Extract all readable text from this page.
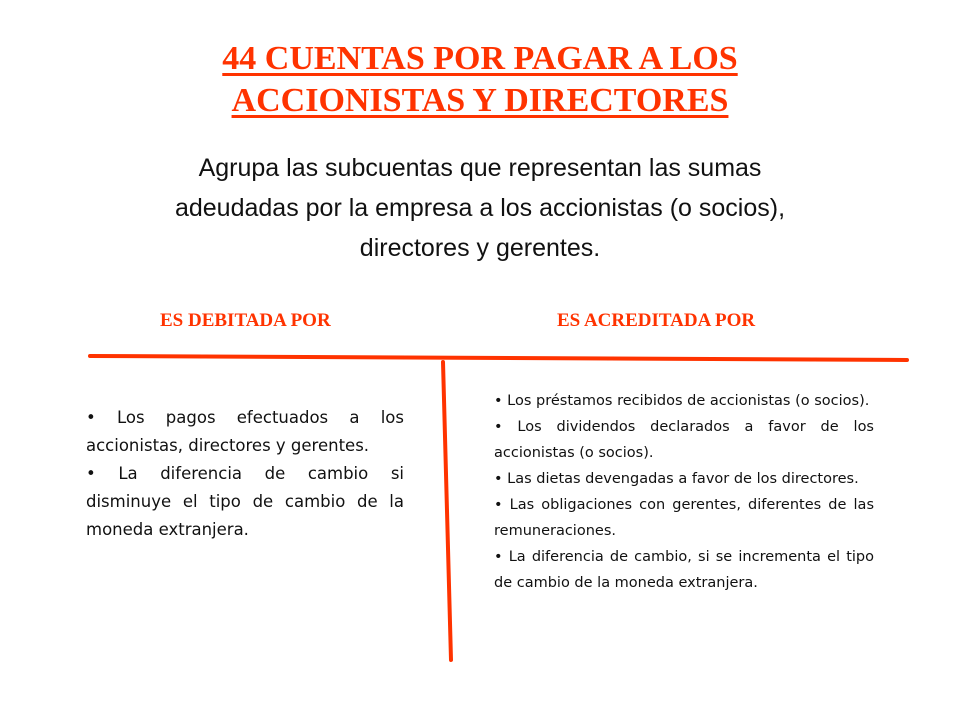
44 CUENTAS POR PAGAR A LOS
ACCIONISTAS Y DIRECTORES
Agrupa las subcuentas que representan las sumas
adeudadas por la empresa a los accionistas (o socios),
directores y gerentes.
ES DEBITADA POR	ES ACREDITADA POR

• Los pagos efectuados a los accionistas, directores y gerentes.

• La diferencia de cambio si disminuye el tipo de cambio de la moneda extranjera.

• Los préstamos recibidos de accionistas (o socios).

• Los dividendos declarados a favor de los accionistas (o socios).

• Las dietas devengadas a favor de los directores.

• Las obligaciones con gerentes, diferentes de las remuneraciones.

• La diferencia de cambio, si se incrementa el tipo de cambio de la moneda extranjera.
